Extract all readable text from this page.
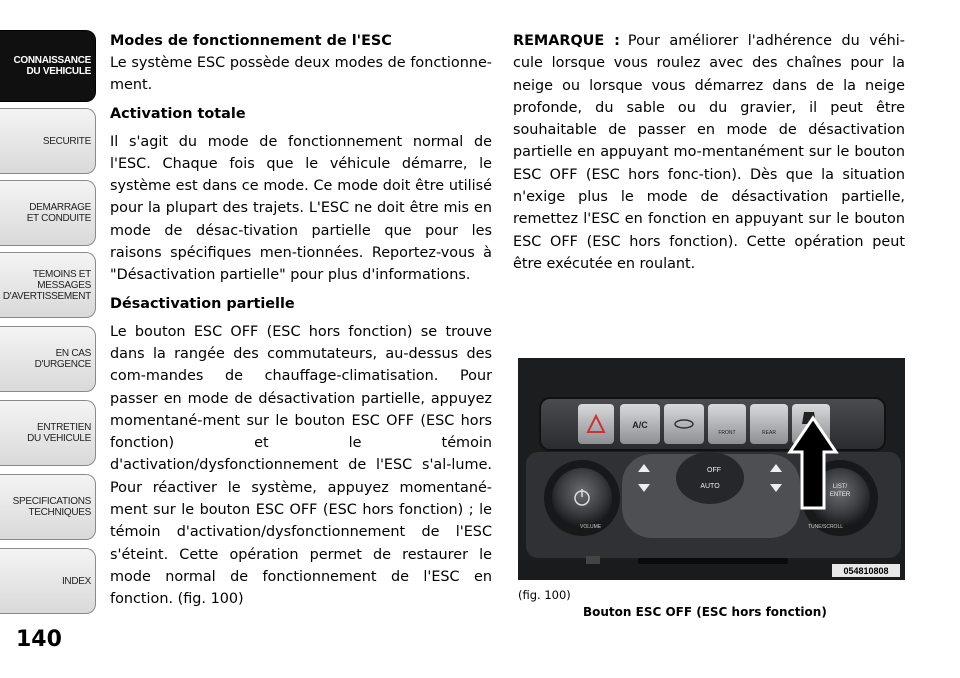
CONNAISSANCE
DU VEHICULE
SECURITE
DEMARRAGE
ET CONDUITE
TEMOINS ET
MESSAGES
D'AVERTISSEMENT
EN CAS
D'URGENCE
ENTRETIEN
DU VEHICULE
SPECIFICATIONS
TECHNIQUES
INDEX
140
Modes de fonctionnement de l'ESC

Le système ESC possède deux modes de fonctionne-ment.

Activation totale

Il s'agit du mode de fonctionnement normal de l'ESC. Chaque fois que le véhicule démarre, le système est dans ce mode. Ce mode doit être utilisé pour la plupart des trajets. L'ESC ne doit être mis en mode de désac-tivation partielle que pour les raisons spécifiques men-tionnées. Reportez-vous à "Désactivation partielle" pour plus d'informations.

Désactivation partielle

Le bouton ESC OFF (ESC hors fonction) se trouve dans la rangée des commutateurs, au-dessus des com-mandes de chauffage-climatisation. Pour passer en mode de désactivation partielle, appuyez momentané-ment sur le bouton ESC OFF (ESC hors fonction) et le témoin d'activation/dysfonctionnement de l'ESC s'al-lume. Pour réactiver le système, appuyez momentané-ment sur le bouton ESC OFF (ESC hors fonction) ; le témoin d'activation/dysfonctionnement de l'ESC s'éteint. Cette opération permet de restaurer le mode normal de fonctionnement de l'ESC en fonction. (fig. 100)

REMARQUE : Pour améliorer l'adhérence du véhi-cule lorsque vous roulez avec des chaînes pour la neige ou lorsque vous démarrez dans de la neige profonde, du sable ou du gravier, il peut être souhaitable de passer en mode de désactivation partielle en appuyant mo-mentanément sur le bouton ESC OFF (ESC hors fonc-tion). Dès que la situation n'exige plus le mode de désactivation partielle, remettez l'ESC en fonction en appuyant sur le bouton ESC OFF (ESC hors fonction). Cette opération peut être exécutée en roulant.

A/C
FRONT	REAR
VOLUME
OFF
AUTO	LIST/
ENTER
TUNE/SCROLL
054810808
(fig. 100)
Bouton ESC OFF (ESC hors fonction)
